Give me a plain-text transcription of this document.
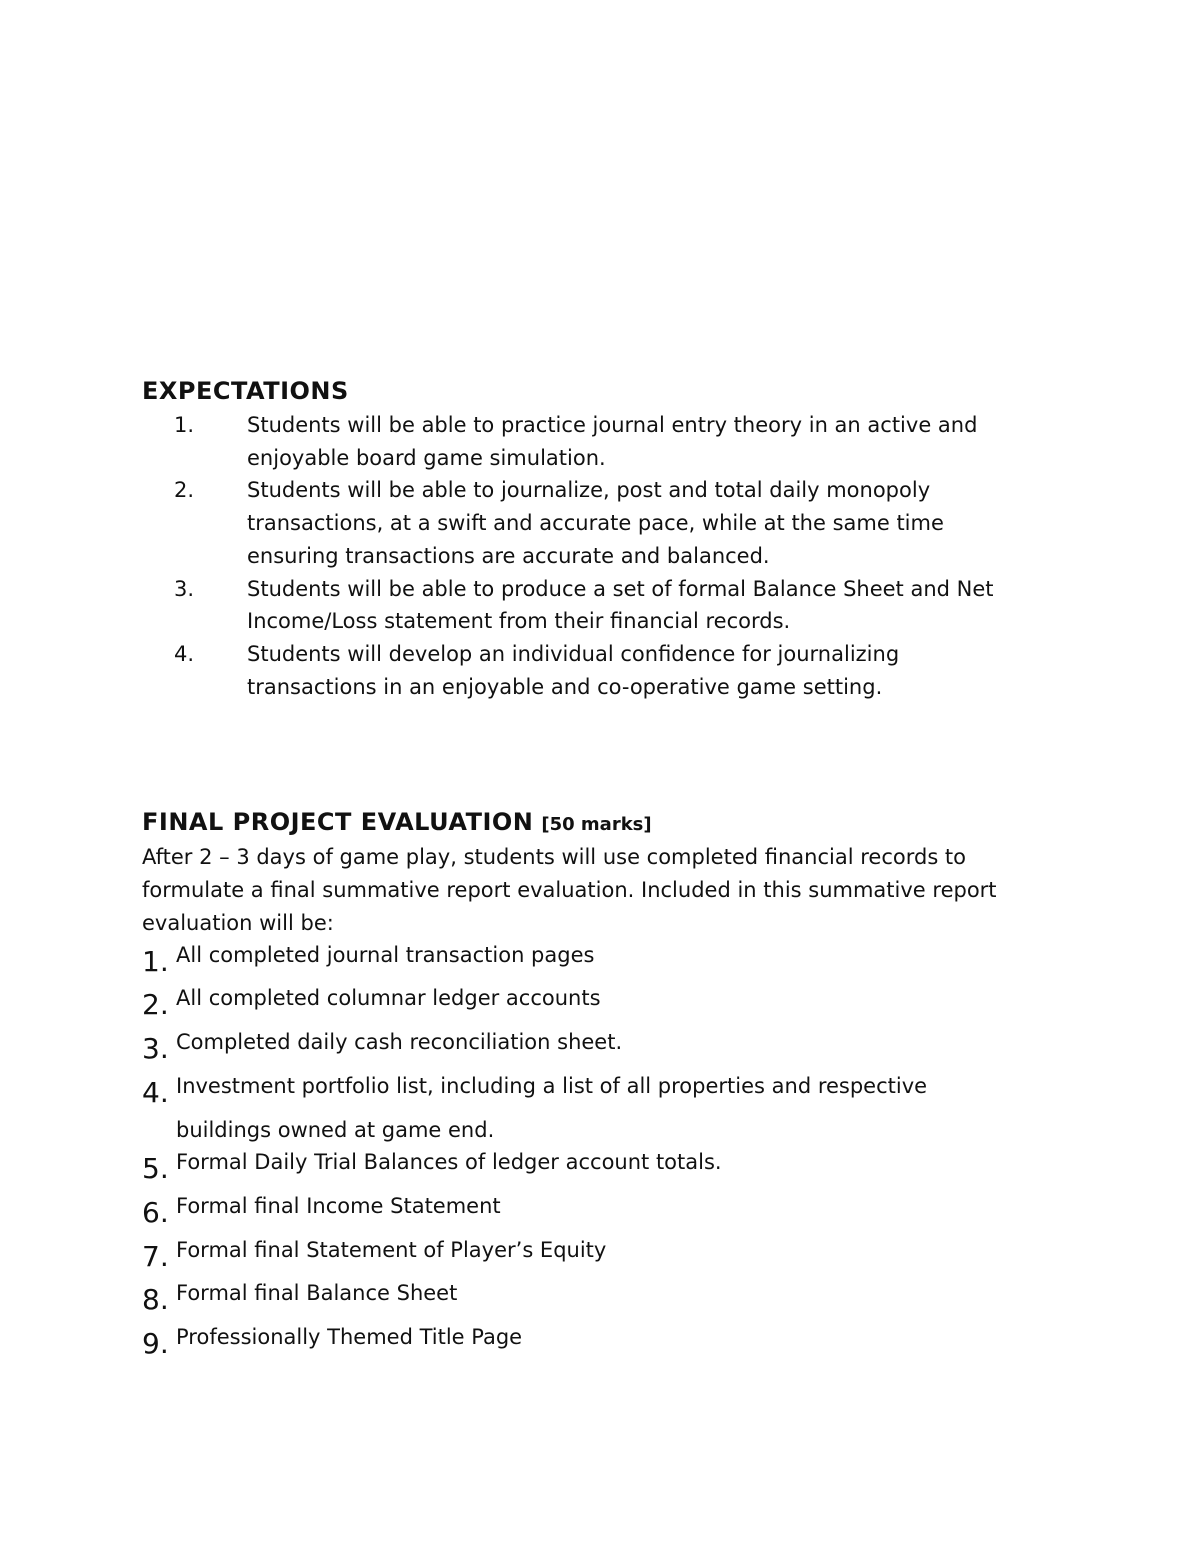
EXPECTATIONS
1.	Students will be able to practice journal entry theory in an active and
enjoyable board game simulation.
2.	Students will be able to journalize, post and total daily monopoly
transactions, at a swift and accurate pace, while at the same time
ensuring transactions are accurate and balanced.
3.	Students will be able to produce a set of formal Balance Sheet and Net
Income/Loss statement from their financial records.
4.	Students will develop an individual confidence for journalizing
transactions in an enjoyable and co-operative game setting.
FINAL PROJECT EVALUATION [50 marks]
After 2 – 3 days of game play, students will use completed financial records to
formulate a final summative report evaluation. Included in this summative report
evaluation will be:
1. All completed journal transaction pages
2. All completed columnar ledger accounts
3. Completed daily cash reconciliation sheet.
4. Investment portfolio list, including a list of all properties and respective
buildings owned at game end.
5. Formal Daily Trial Balances of ledger account totals.
6. Formal final Income Statement
7. Formal final Statement of Player’s Equity
8. Formal final Balance Sheet
9. Professionally Themed Title Page
